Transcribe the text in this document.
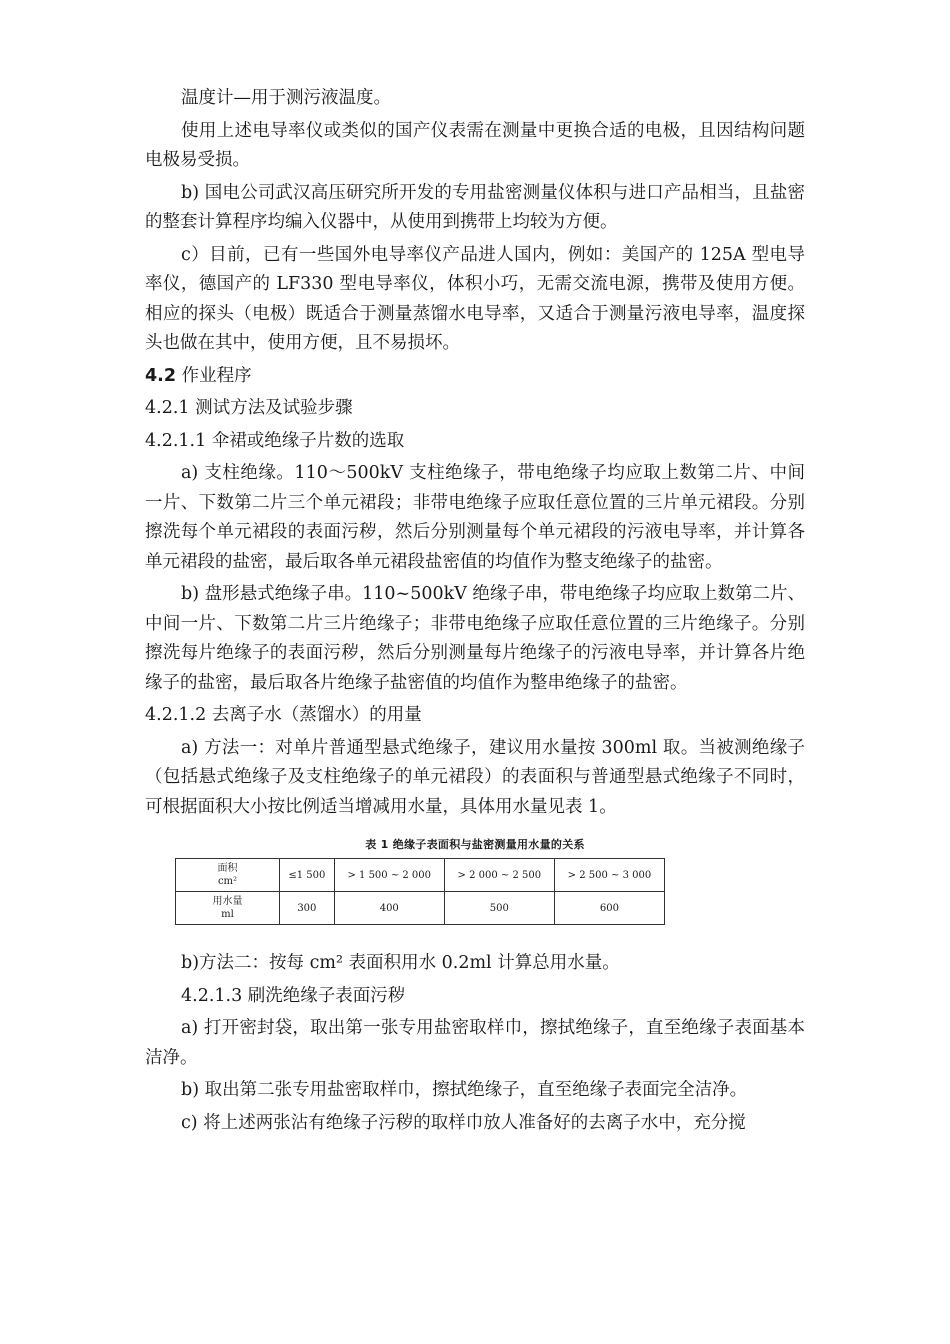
温度计—用于测污液温度。

使用上述电导率仪或类似的国产仪表需在测量中更换合适的电极，且因结构问题电极易受损。

b) 国电公司武汉高压研究所开发的专用盐密测量仪体积与进口产品相当，且盐密的整套计算程序均编入仪器中，从使用到携带上均较为方便。

c）目前，已有一些国外电导率仪产品进人国内，例如：美国产的 125A 型电导率仪，德国产的 LF330 型电导率仪，体积小巧，无需交流电源，携带及使用方便。相应的探头（电极）既适合于测量蒸馏水电导率，又适合于测量污液电导率，温度探头也做在其中，使用方便，且不易损坏。

4.2 作业程序
4.2.1 测试方法及试验步骤
4.2.1.1 伞裙或绝缘子片数的选取

a) 支柱绝缘。110～500kV 支柱绝缘子，带电绝缘子均应取上数第二片、中间一片、下数第二片三个单元裙段；非带电绝缘子应取任意位置的三片单元裙段。分别擦洗每个单元裙段的表面污秽，然后分别测量每个单元裙段的污液电导率，并计算各单元裙段的盐密，最后取各单元裙段盐密值的均值作为整支绝缘子的盐密。

b) 盘形悬式绝缘子串。110~500kV 绝缘子串，带电绝缘子均应取上数第二片、中间一片、下数第二片三片绝缘子；非带电绝缘子应取任意位置的三片绝缘子。分别擦洗每片绝缘子的表面污秽，然后分别测量每片绝缘子的污液电导率，并计算各片绝缘子的盐密，最后取各片绝缘子盐密值的均值作为整串绝缘子的盐密。

4.2.1.2 去离子水（蒸馏水）的用量

a) 方法一：对单片普通型悬式绝缘子，建议用水量按 300ml 取。当被测绝缘子（包括悬式绝缘子及支柱绝缘子的单元裙段）的表面积与普通型悬式绝缘子不同时，可根据面积大小按比例适当增减用水量，具体用水量见表 1。

表 1 绝缘子表面积与盐密测量用水量的关系
面积
cm²	≤1 500	> 1 500 ~ 2 000	> 2 000 ~ 2 500	> 2 500 ~ 3 000
用水量
ml	300	400	500	600

b)方法二：按每 cm² 表面积用水 0.2ml 计算总用水量。

4.2.1.3 刷洗绝缘子表面污秽

a) 打开密封袋，取出第一张专用盐密取样巾，擦拭绝缘子，直至绝缘子表面基本洁净。

b) 取出第二张专用盐密取样巾，擦拭绝缘子，直至绝缘子表面完全洁净。

c) 将上述两张沾有绝缘子污秽的取样巾放人准备好的去离子水中，充分搅
